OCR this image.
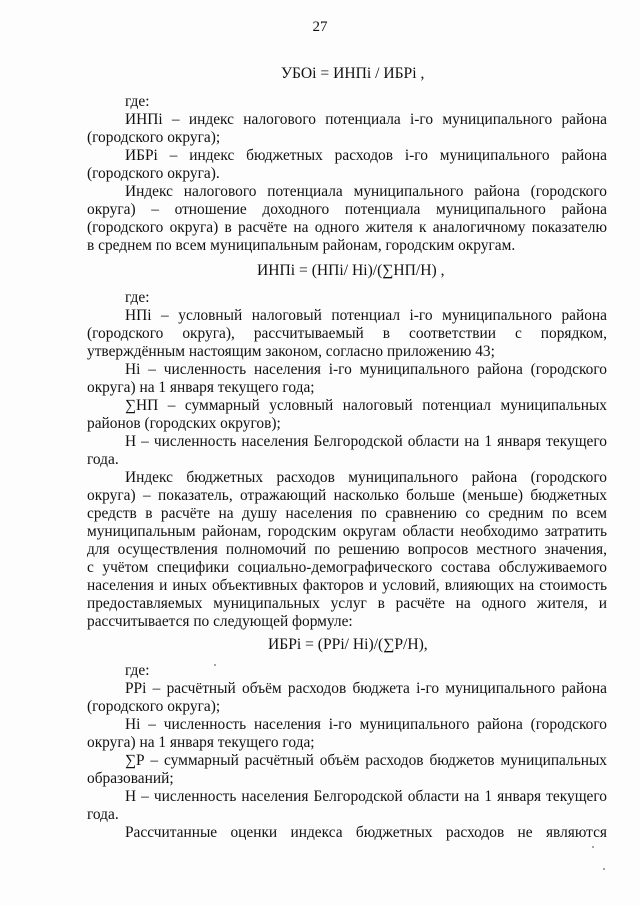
27
УБОi = ИНПi / ИБРi ,
где:
ИНПi – индекс налогового потенциала i-го муниципального района
(городского округа);
ИБРi – индекс бюджетных расходов i-го муниципального района
(городского округа).
Индекс налогового потенциала муниципального района (городского
округа) – отношение доходного потенциала муниципального района
(городского округа) в расчёте на одного жителя к аналогичному показателю
в среднем по всем муниципальным районам, городским округам.
ИНПi = (НПi/ Нi)/(∑НП/Н) ,
где:
НПi – условный налоговый потенциал i-го муниципального района
(городского округа), рассчитываемый в соответствии с порядком,
утверждённым настоящим законом, согласно приложению 43;
Нi – численность населения i-го муниципального района (городского
округа) на 1 января текущего года;
∑НП – суммарный условный налоговый потенциал муниципальных
районов (городских округов);
Н – численность населения Белгородской области на 1 января текущего
года.
Индекс бюджетных расходов муниципального района (городского
округа) – показатель, отражающий насколько больше (меньше) бюджетных
средств в расчёте на душу населения по сравнению со средним по всем
муниципальным районам, городским округам области необходимо затратить
для осуществления полномочий по решению вопросов местного значения,
с учётом специфики социально-демографического состава обслуживаемого
населения и иных объективных факторов и условий, влияющих на стоимость
предоставляемых муниципальных услуг в расчёте на одного жителя, и
рассчитывается по следующей формуле:
ИБРi = (РРi/ Нi)/(∑Р/Н),
где:
РРi – расчётный объём расходов бюджета i-го муниципального района
(городского округа);
Нi – численность населения i-го муниципального района (городского
округа) на 1 января текущего года;
∑Р – суммарный расчётный объём расходов бюджетов муниципальных
образований;
Н – численность населения Белгородской области на 1 января текущего
года.
Рассчитанные оценки индекса бюджетных расходов не являются
